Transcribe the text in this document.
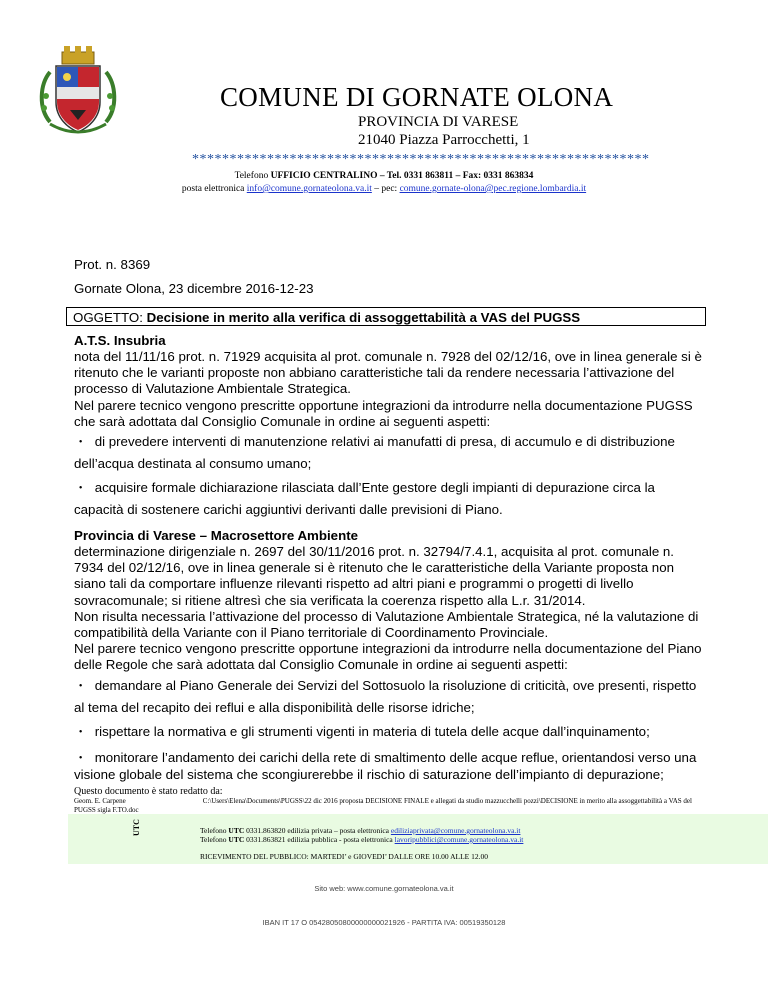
COMUNE DI GORNATE OLONA
PROVINCIA DI VARESE
21040 Piazza Parrocchetti, 1
*************************************************************
Telefono UFFICIO CENTRALINO – Tel. 0331 863811 – Fax: 0331 863834
posta elettronica info@comune.gornateolona.va.it – pec: comune.gornate-olona@pec.regione.lombardia.it
Prot. n. 8369
Gornate Olona, 23 dicembre 2016-12-23
OGGETTO: Decisione in merito alla verifica di assoggettabilità a VAS del PUGSS
A.T.S. Insubria
nota del 11/11/16 prot. n. 71929 acquisita al prot. comunale n. 7928 del 02/12/16, ove in linea generale si è ritenuto che le varianti proposte non abbiano caratteristiche tali da rendere necessaria l’attivazione del processo di Valutazione Ambientale Strategica.
Nel parere tecnico vengono prescritte opportune integrazioni da introdurre nella documentazione PUGSS che sarà adottata dal Consiglio Comunale in ordine ai seguenti aspetti:
・ di prevedere interventi di manutenzione relativi ai manufatti di presa, di accumulo e di distribuzione dell’acqua destinata al consumo umano;
・ acquisire formale dichiarazione rilasciata dall’Ente gestore degli impianti di depurazione circa la capacità di sostenere carichi aggiuntivi derivanti dalle previsioni di Piano.
Provincia di Varese – Macrosettore Ambiente
determinazione dirigenziale n. 2697 del 30/11/2016 prot. n. 32794/7.4.1, acquisita al prot. comunale n. 7934 del 02/12/16, ove in linea generale si è ritenuto che le caratteristiche della Variante proposta non siano tali da comportare influenze rilevanti rispetto ad altri piani e programmi o progetti di livello sovracomunale; si ritiene altresì che sia verificata la coerenza rispetto alla L.r. 31/2014.
Non risulta necessaria l’attivazione del processo di Valutazione Ambientale Strategica, né la valutazione di compatibilità della Variante con il Piano territoriale di Coordinamento Provinciale.
Nel parere tecnico vengono prescritte opportune integrazioni da introdurre nella documentazione del Piano delle Regole che sarà adottata dal Consiglio Comunale in ordine ai seguenti aspetti:
・ demandare al Piano Generale dei Servizi del Sottosuolo la risoluzione di criticità, ove presenti, rispetto al tema del recapito dei reflui e alla disponibilità delle risorse idriche;
・ rispettare la normativa e gli strumenti vigenti in materia di tutela delle acque dall’inquinamento;
・ monitorare l’andamento dei carichi della rete di smaltimento delle acque reflue, orientandosi verso una visione globale del sistema che scongiurerebbe il rischio di saturazione dell’impianto di depurazione;
Questo documento è stato redatto da:
Geom. E. Carpene	C:\Users\Elena\Documents\PUGSS\22 dic 2016 proposta DECISIONE FINALE e allegati da studio mazzucchelli pozzi\DECISIONE in merito alla assoggettabilità a VAS del PUGSS sigla F.TO.doc
UTC	Telefono UTC 0331.863820 edilizia privata – posta elettronica ediliziaprivata@comune.gornateolona.va.it
Telefono UTC 0331.863821 edilizia pubblica - posta elettronica lavoripubblici@comune.gornateolona.va.it
RICEVIMENTO DEL PUBBLICO: MARTEDI’ e GIOVEDI’ DALLE ORE 10.00 ALLE 12.00
Sito web: www.comune.gornateolona.va.it
IBAN IT 17 O 05428050800000000021926 - PARTITA IVA: 00519350128
